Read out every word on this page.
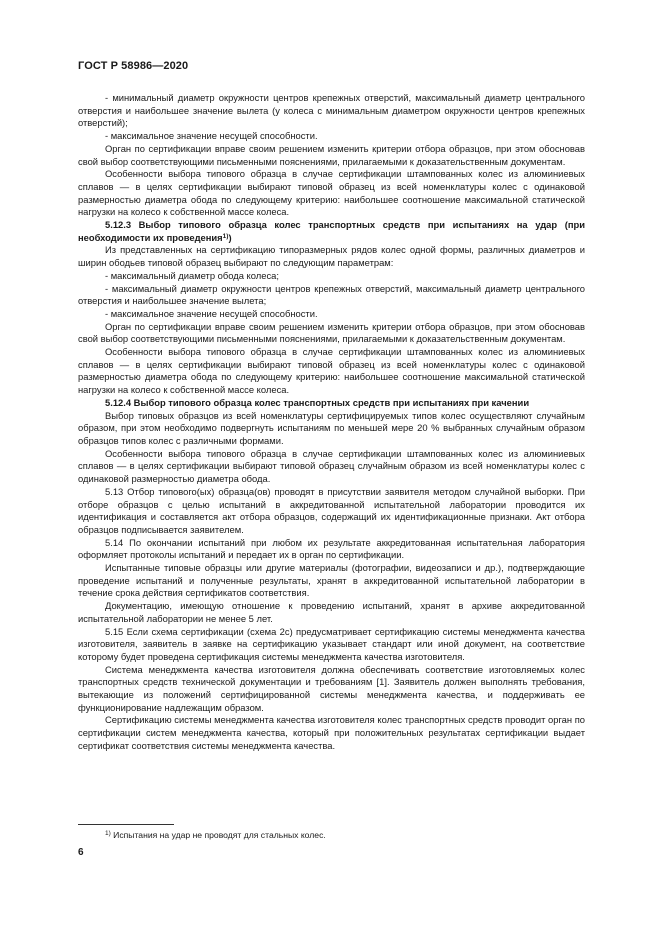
ГОСТ Р 58986—2020

- минимальный диаметр окружности центров крепежных отверстий, максимальный диаметр центрального отверстия и наибольшее значение вылета (у колеса с минимальным диаметром окружности центров крепежных отверстий);

- максимальное значение несущей способности.

Орган по сертификации вправе своим решением изменить критерии отбора образцов, при этом обосновав свой выбор соответствующими письменными пояснениями, прилагаемыми к доказательственным документам.

Особенности выбора типового образца в случае сертификации штампованных колес из алюминиевых сплавов — в целях сертификации выбирают типовой образец из всей номенклатуры колес с одинаковой размерностью диаметра обода по следующему критерию: наибольшее соотношение максимальной статической нагрузки на колесо к собственной массе колеса.

5.12.3 Выбор типового образца колес транспортных средств при испытаниях на удар (при необходимости их проведения$^{1)}$)

Из представленных на сертификацию типоразмерных рядов колес одной формы, различных диаметров и ширин ободьев типовой образец выбирают по следующим параметрам:

- максимальный диаметр обода колеса;

- максимальный диаметр окружности центров крепежных отверстий, максимальный диаметр центрального отверстия и наибольшее значение вылета;

- максимальное значение несущей способности.

Орган по сертификации вправе своим решением изменить критерии отбора образцов, при этом обосновав свой выбор соответствующими письменными пояснениями, прилагаемыми к доказательственным документам.

Особенности выбора типового образца в случае сертификации штампованных колес из алюминиевых сплавов — в целях сертификации выбирают типовой образец из всей номенклатуры колес с одинаковой размерностью диаметра обода по следующему критерию: наибольшее соотношение максимальной статической нагрузки на колесо к собственной массе колеса.

5.12.4 Выбор типового образца колес транспортных средств при испытаниях при качении

Выбор типовых образцов из всей номенклатуры сертифицируемых типов колес осуществляют случайным образом, при этом необходимо подвергнуть испытаниям по меньшей мере 20 % выбранных случайным образом образцов типов колес с различными формами.

Особенности выбора типового образца в случае сертификации штампованных колес из алюминиевых сплавов — в целях сертификации выбирают типовой образец случайным образом из всей номенклатуры колес с одинаковой размерностью диаметра обода.

5.13 Отбор типового(ых) образца(ов) проводят в присутствии заявителя методом случайной выборки. При отборе образцов с целью испытаний в аккредитованной испытательной лаборатории проводится их идентификация и составляется акт отбора образцов, содержащий их идентификационные признаки. Акт отбора образцов подписывается заявителем.

5.14 По окончании испытаний при любом их результате аккредитованная испытательная лаборатория оформляет протоколы испытаний и передает их в орган по сертификации.

Испытанные типовые образцы или другие материалы (фотографии, видеозаписи и др.), подтверждающие проведение испытаний и полученные результаты, хранят в аккредитованной испытательной лаборатории в течение срока действия сертификатов соответствия.

Документацию, имеющую отношение к проведению испытаний, хранят в архиве аккредитованной испытательной лаборатории не менее 5 лет.

5.15 Если схема сертификации (схема 2с) предусматривает сертификацию системы менеджмента качества изготовителя, заявитель в заявке на сертификацию указывает стандарт или иной документ, на соответствие которому будет проведена сертификация системы менеджмента качества изготовителя.

Система менеджмента качества изготовителя должна обеспечивать соответствие изготовляемых колес транспортных средств технической документации и требованиям [1]. Заявитель должен выполнять требования, вытекающие из положений сертифицированной системы менеджмента качества, и поддерживать ее функционирование надлежащим образом.

Сертификацию системы менеджмента качества изготовителя колес транспортных средств проводит орган по сертификации систем менеджмента качества, который при положительных результатах сертификации выдает сертификат соответствия системы менеджмента качества.

$^{1)}$ Испытания на удар не проводят для стальных колес.
6
